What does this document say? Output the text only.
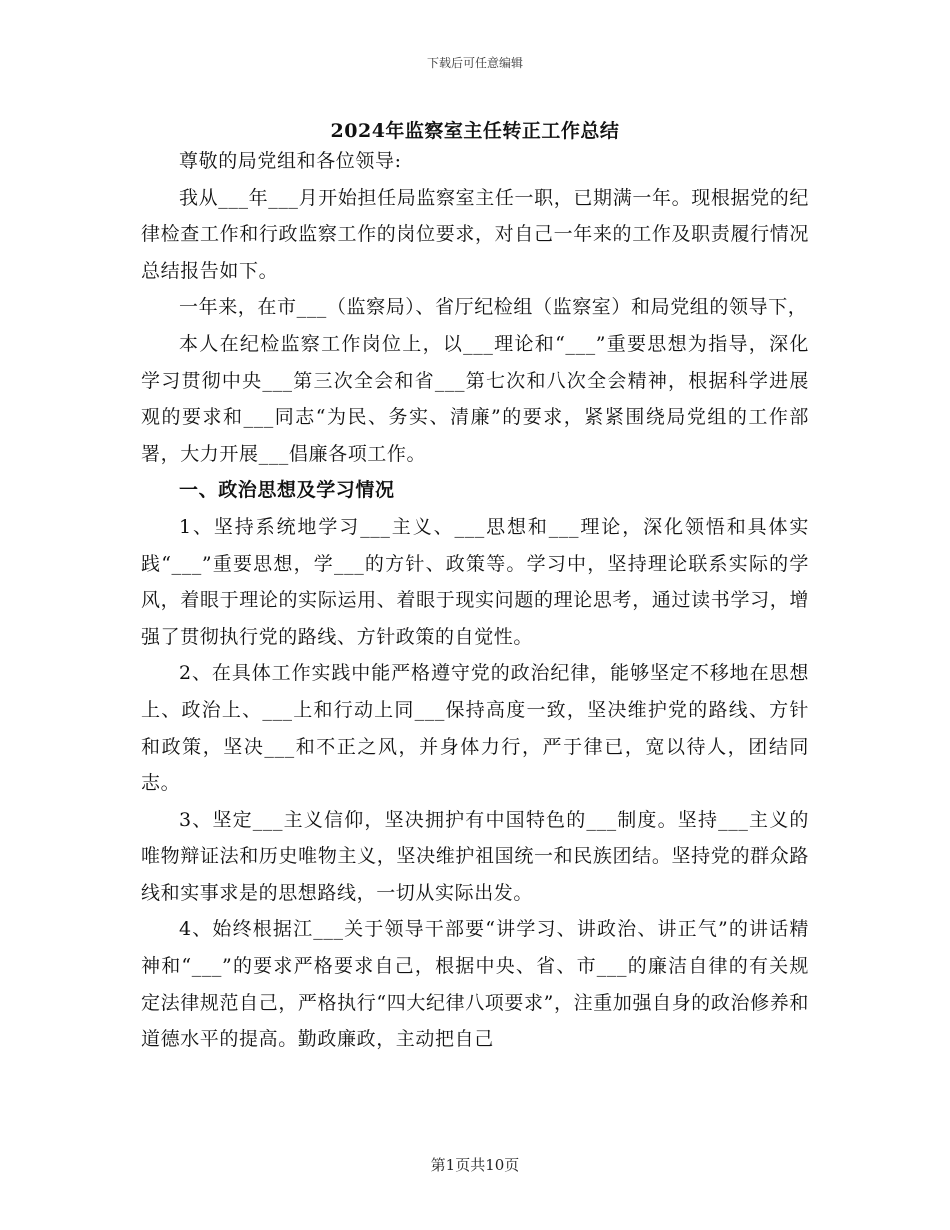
下载后可任意编辑
2024年监察室主任转正工作总结

尊敬的局党组和各位领导:

我从___年___月开始担任局监察室主任一职，已期满一年。现根据党的纪律检查工作和行政监察工作的岗位要求，对自己一年来的工作及职责履行情况总结报告如下。

一年来，在市___（监察局）、省厅纪检组（监察室）和局党组的领导下，

本人在纪检监察工作岗位上，以___理论和“___”重要思想为指导，深化学习贯彻中央___第三次全会和省___第七次和八次全会精神，根据科学进展观的要求和___同志“为民、务实、清廉”的要求，紧紧围绕局党组的工作部署，大力开展___倡廉各项工作。

一、政治思想及学习情况

1、坚持系统地学习___主义、___思想和___理论，深化领悟和具体实践“___”重要思想，学___的方针、政策等。学习中，坚持理论联系实际的学风，着眼于理论的实际运用、着眼于现实问题的理论思考，通过读书学习，增强了贯彻执行党的路线、方针政策的自觉性。

2、在具体工作实践中能严格遵守党的政治纪律，能够坚定不移地在思想上、政治上、___上和行动上同___保持高度一致，坚决维护党的路线、方针和政策，坚决___和不正之风，并身体力行，严于律已，宽以待人，团结同志。

3、坚定___主义信仰，坚决拥护有中国特色的___制度。坚持___主义的唯物辩证法和历史唯物主义，坚决维护祖国统一和民族团结。坚持党的群众路线和实事求是的思想路线，一切从实际出发。

4、始终根据江___关于领导干部要“讲学习、讲政治、讲正气”的讲话精神和“___”的要求严格要求自己，根据中央、省、市___的廉洁自律的有关规定法律规范自己，严格执行“四大纪律八项要求”，注重加强自身的政治修养和道德水平的提高。勤政廉政，主动把自己

第1页共10页
